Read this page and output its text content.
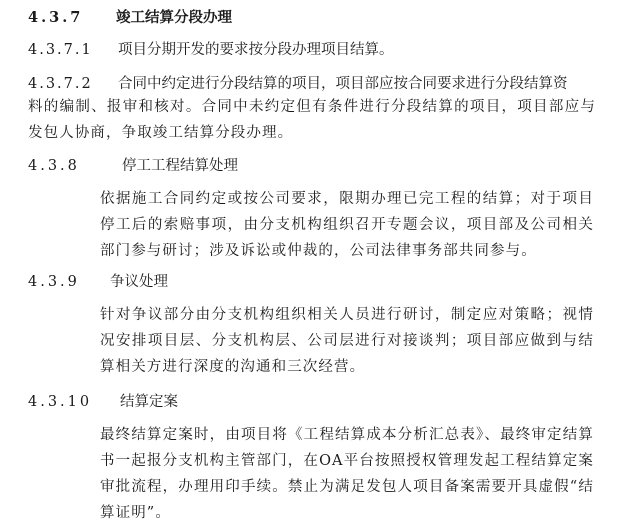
4.3.7 竣工结算分段办理
4.3.7.1 项目分期开发的要求按分段办理项目结算。
4.3.7.2 合同中约定进行分段结算的项目，项目部应按合同要求进行分段结算资
料的编制、报审和核对。合同中未约定但有条件进行分段结算的项目，项目部应与发包人协商，争取竣工结算分段办理。
4.3.8	停工工程结算处理
依据施工合同约定或按公司要求，限期办理已完工程的结算；对于项目停工后的索赔事项，由分支机构组织召开专题会议，项目部及公司相关部门参与研讨；涉及诉讼或仲裁的，公司法律事务部共同参与。
4.3.9 争议处理
针对争议部分由分支机构组织相关人员进行研讨，制定应对策略；视情况安排项目层、分支机构层、公司层进行对接谈判；项目部应做到与结算相关方进行深度的沟通和三次经营。
4.3.10 结算定案
最终结算定案时，由项目将《工程结算成本分析汇总表》、最终审定结算书一起报分支机构主管部门，在OA平台按照授权管理发起工程结算定案审批流程，办理用印手续。禁止为满足发包人项目备案需要开具虚假“结算证明”。
